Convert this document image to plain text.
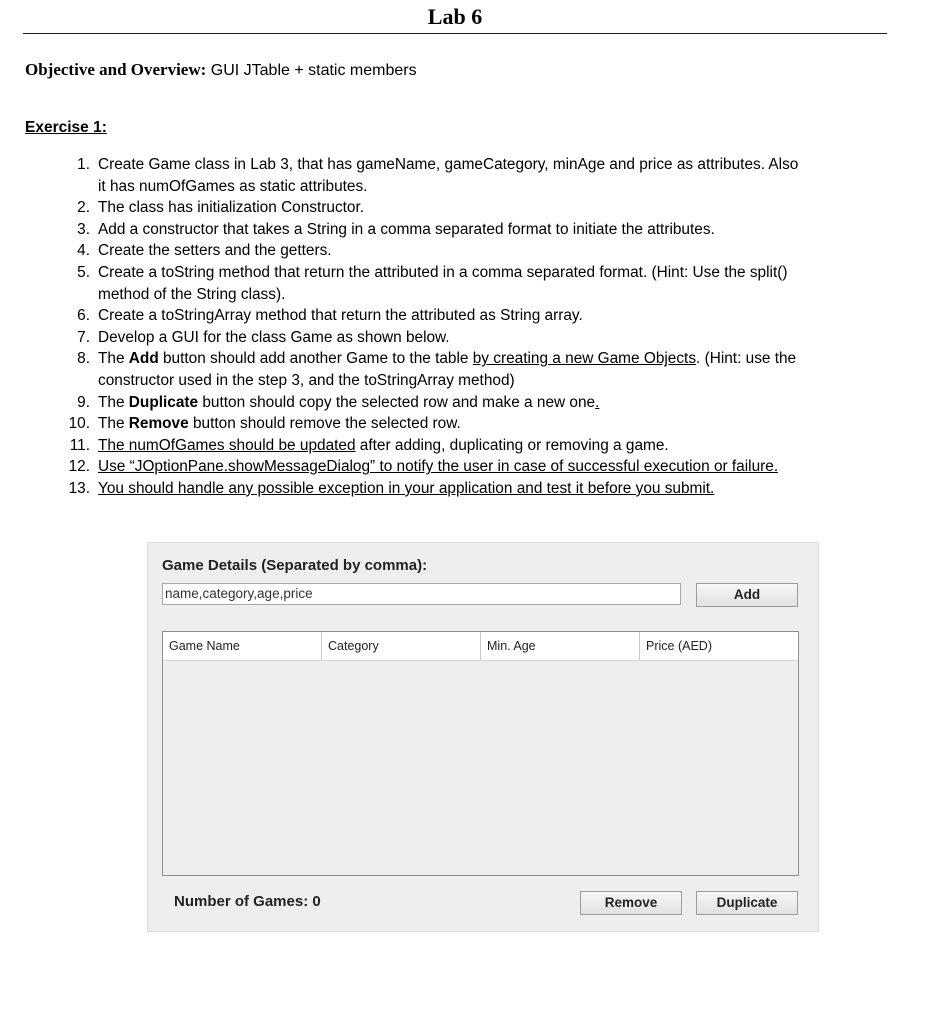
Lab 6
Objective and Overview: GUI JTable + static members
Exercise 1:
1. Create Game class in Lab 3, that has gameName, gameCategory, minAge and price as attributes. Also it has numOfGames as static attributes.
2. The class has initialization Constructor.
3. Add a constructor that takes a String in a comma separated format to initiate the attributes.
4. Create the setters and the getters.
5. Create a toString method that return the attributed in a comma separated format. (Hint: Use the split() method of the String class).
6. Create a toStringArray method that return the attributed as String array.
7. Develop a GUI for the class Game as shown below.
8. The Add button should add another Game to the table by creating a new Game Objects. (Hint: use the constructor used in the step 3, and the toStringArray method)
9. The Duplicate button should copy the selected row and make a new one.
10. The Remove button should remove the selected row.
11. The numOfGames should be updated after adding, duplicating or removing a game.
12. Use “JOptionPane.showMessageDialog” to notify the user in case of successful execution or failure.
13. You should handle any possible exception in your application and test it before you submit.
Game Details (Separated by comma):
name,category,age,price	Add
Game Name	Category	Min. Age	Price (AED)
Number of Games: 0	Remove	Duplicate
